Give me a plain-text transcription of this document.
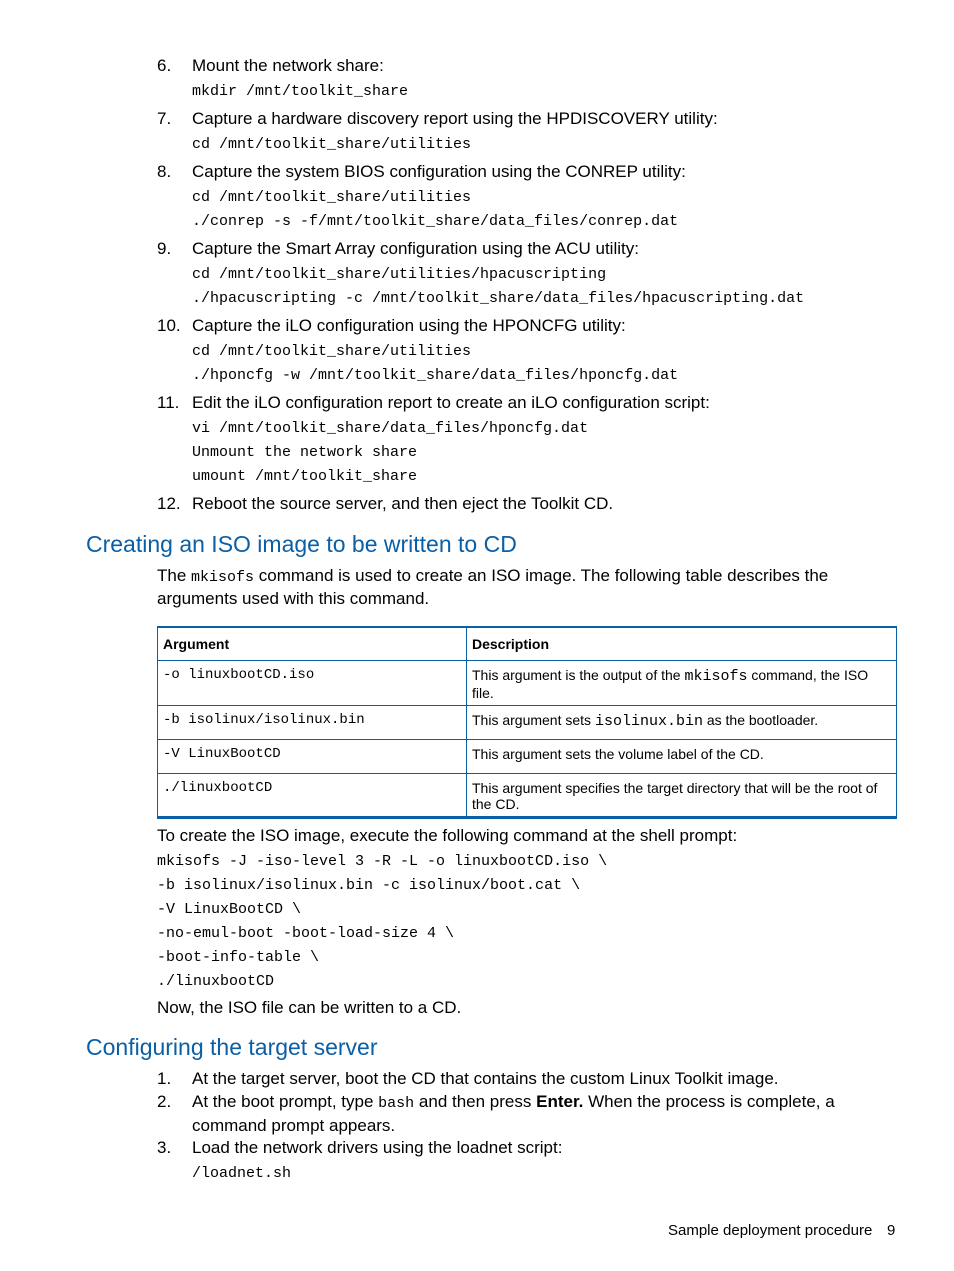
6. Mount the network share:
mkdir /mnt/toolkit_share
7. Capture a hardware discovery report using the HPDISCOVERY utility:
cd /mnt/toolkit_share/utilities
8. Capture the system BIOS configuration using the CONREP utility:
cd /mnt/toolkit_share/utilities
./conrep -s -f/mnt/toolkit_share/data_files/conrep.dat
9. Capture the Smart Array configuration using the ACU utility:
cd /mnt/toolkit_share/utilities/hpacuscripting
./hpacuscripting -c /mnt/toolkit_share/data_files/hpacuscripting.dat
10. Capture the iLO configuration using the HPONCFG utility:
cd /mnt/toolkit_share/utilities
./hponcfg -w /mnt/toolkit_share/data_files/hponcfg.dat
11. Edit the iLO configuration report to create an iLO configuration script:
vi /mnt/toolkit_share/data_files/hponcfg.dat
Unmount the network share
umount /mnt/toolkit_share
12. Reboot the source server, and then eject the Toolkit CD.
Creating an ISO image to be written to CD
The mkisofs command is used to create an ISO image. The following table describes the arguments used with this command.
Argument	Description
-o linuxbootCD.iso	This argument is the output of the mkisofs command, the ISO file.
-b isolinux/isolinux.bin	This argument sets isolinux.bin as the bootloader.
-V LinuxBootCD	This argument sets the volume label of the CD.
./linuxbootCD	This argument specifies the target directory that will be the root of the CD.
To create the ISO image, execute the following command at the shell prompt:
mkisofs -J -iso-level 3 -R -L -o linuxbootCD.iso \
-b isolinux/isolinux.bin -c isolinux/boot.cat \
-V LinuxBootCD \
-no-emul-boot -boot-load-size 4 \
-boot-info-table \
./linuxbootCD
Now, the ISO file can be written to a CD.
Configuring the target server
1. At the target server, boot the CD that contains the custom Linux Toolkit image.
2. At the boot prompt, type bash and then press Enter. When the process is complete, a command prompt appears.
3. Load the network drivers using the loadnet script:
/loadnet.sh
Sample deployment procedure 9
